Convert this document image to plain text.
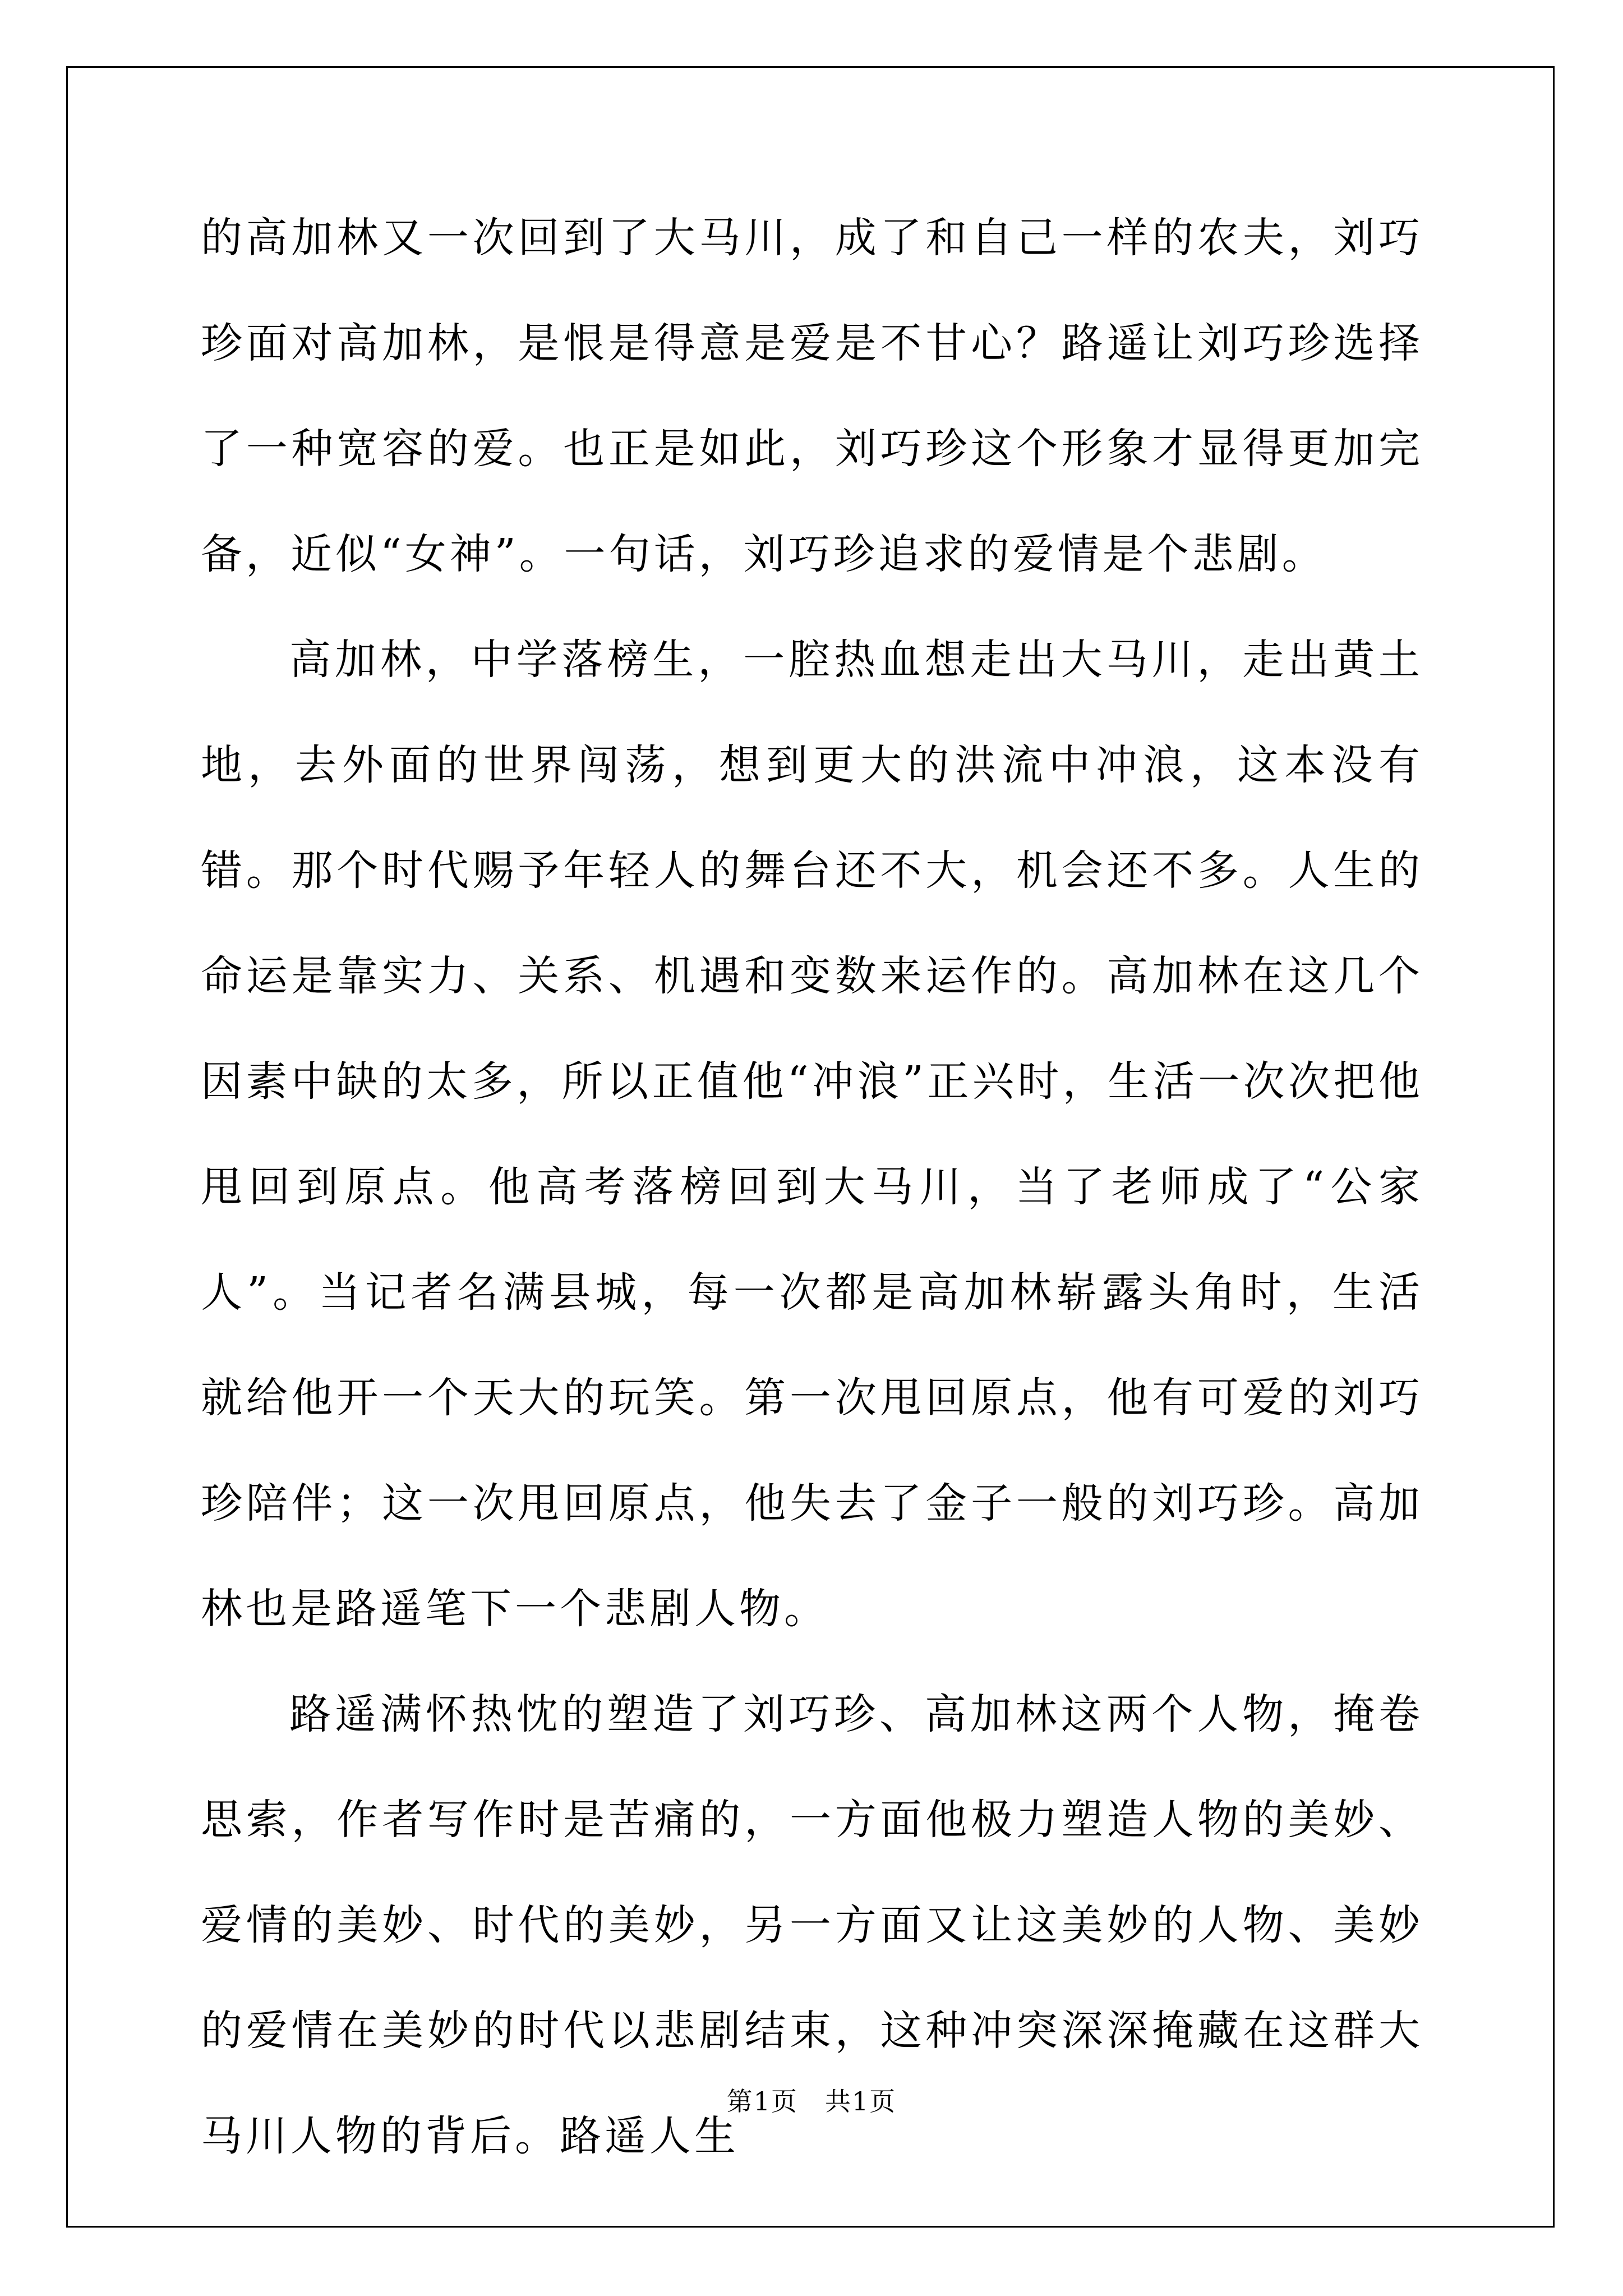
的高加林又一次回到了大马川，成了和自己一样的农夫，刘巧珍面对高加林，是恨是得意是爱是不甘心？路遥让刘巧珍选择了一种宽容的爱。也正是如此，刘巧珍这个形象才显得更加完备，近似“女神”。一句话，刘巧珍追求的爱情是个悲剧。

高加林，中学落榜生，一腔热血想走出大马川，走出黄土地，去外面的世界闯荡，想到更大的洪流中冲浪，这本没有错。那个时代赐予年轻人的舞台还不大，机会还不多。人生的命运是靠实力、关系、机遇和变数来运作的。高加林在这几个因素中缺的太多，所以正值他“冲浪”正兴时，生活一次次把他甩回到原点。他高考落榜回到大马川，当了老师成了“公家人”。当记者名满县城，每一次都是高加林崭露头角时，生活就给他开一个天大的玩笑。第一次甩回原点，他有可爱的刘巧珍陪伴；这一次甩回原点，他失去了金子一般的刘巧珍。高加林也是路遥笔下一个悲剧人物。

路遥满怀热忱的塑造了刘巧珍、高加林这两个人物，掩卷思索，作者写作时是苦痛的，一方面他极力塑造人物的美妙、爱情的美妙、时代的美妙，另一方面又让这美妙的人物、美妙的爱情在美妙的时代以悲剧结束，这种冲突深深掩藏在这群大马川人物的背后。路遥人生

第1页　共1页
